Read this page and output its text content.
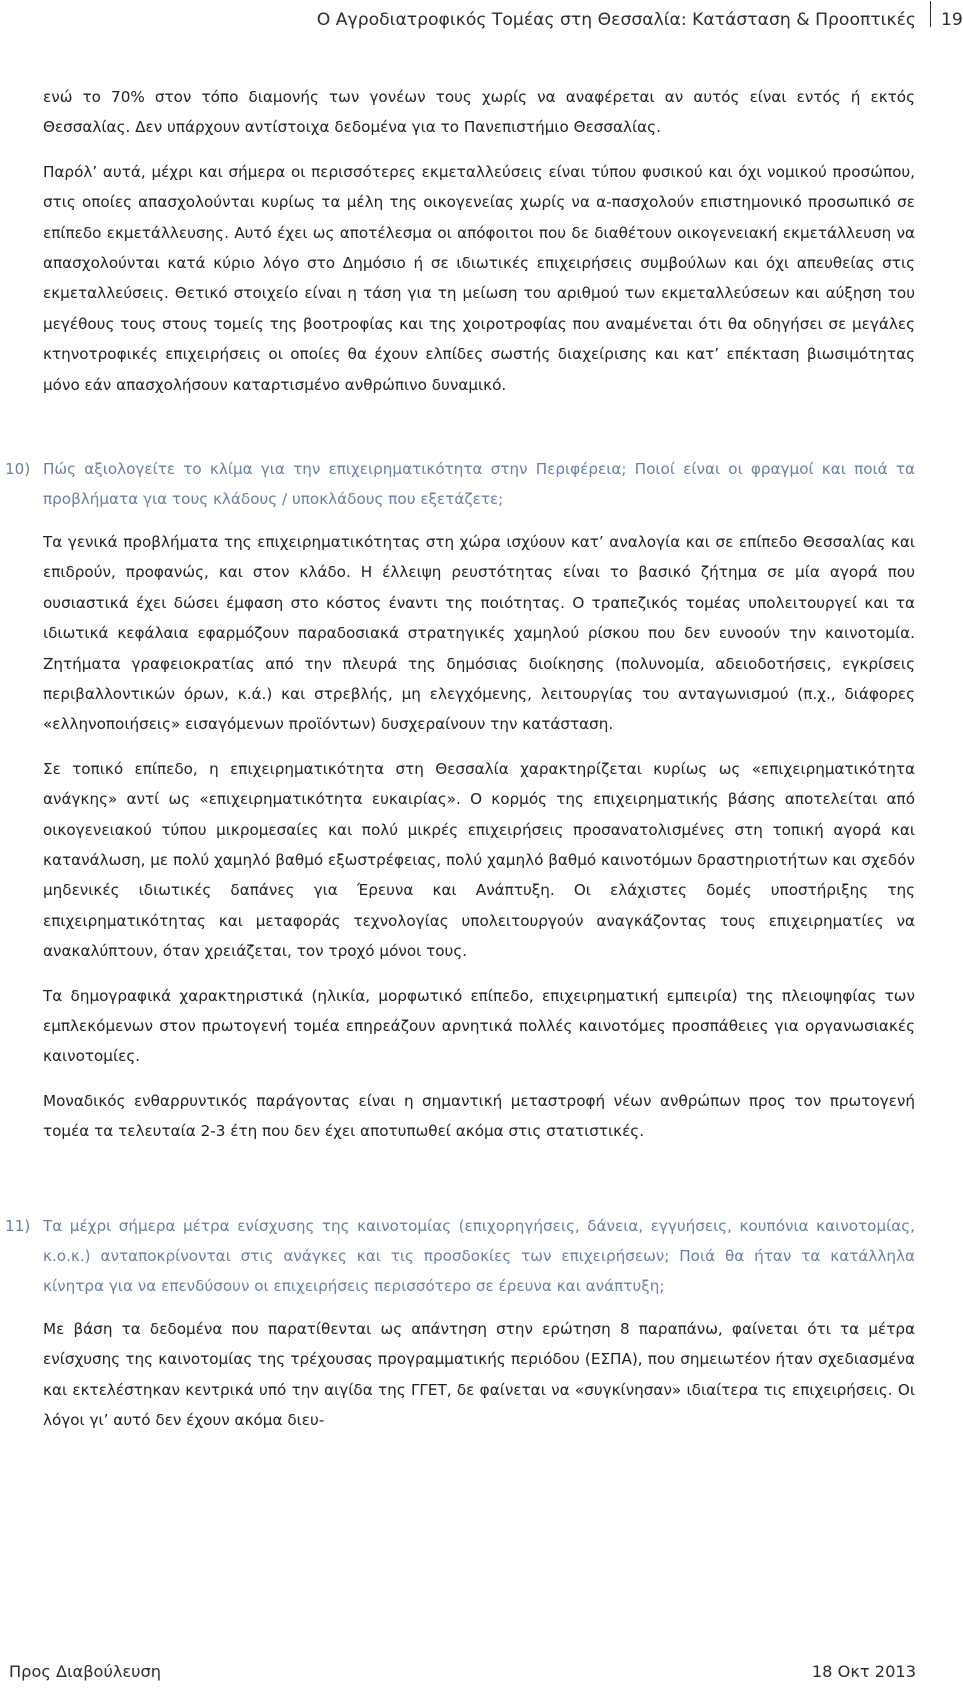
Ο Αγροδιατροφικός Τομέας στη Θεσσαλία: Κατάσταση & Προοπτικές 19

ενώ το 70% στον τόπο διαμονής των γονέων τους χωρίς να αναφέρεται αν αυτός είναι εντός ή εκτός Θεσσαλίας. Δεν υπάρχουν αντίστοιχα δεδομένα για το Πανεπιστήμιο Θεσσαλίας.

Παρόλ’ αυτά, μέχρι και σήμερα οι περισσότερες εκμεταλλεύσεις είναι τύπου φυσικού και όχι νομικού προσώπου, στις οποίες απασχολούνται κυρίως τα μέλη της οικογενείας χωρίς να α-πασχολούν επιστημονικό προσωπικό σε επίπεδο εκμετάλλευσης. Αυτό έχει ως αποτέλεσμα οι απόφοιτοι που δε διαθέτουν οικογενειακή εκμετάλλευση να απασχολούνται κατά κύριο λόγο στο Δημόσιο ή σε ιδιωτικές επιχειρήσεις συμβούλων και όχι απευθείας στις εκμεταλλεύσεις. Θετικό στοιχείο είναι η τάση για τη μείωση του αριθμού των εκμεταλλεύσεων και αύξηση του μεγέθους τους στους τομείς της βοοτροφίας και της χοιροτροφίας που αναμένεται ότι θα οδηγήσει σε μεγάλες κτηνοτροφικές επιχειρήσεις οι οποίες θα έχουν ελπίδες σωστής διαχείρισης και κατ’ επέκταση βιωσιμότητας μόνο εάν απασχολήσουν καταρτισμένο ανθρώπινο δυναμικό.

10) Πώς αξιολογείτε το κλίμα για την επιχειρηματικότητα στην Περιφέρεια; Ποιοί είναι οι φραγμοί και ποιά τα προβλήματα για τους κλάδους / υποκλάδους που εξετάζετε;

Τα γενικά προβλήματα της επιχειρηματικότητας στη χώρα ισχύουν κατ’ αναλογία και σε επίπεδο Θεσσαλίας και επιδρούν, προφανώς, και στον κλάδο. Η έλλειψη ρευστότητας είναι το βασικό ζήτημα σε μία αγορά που ουσιαστικά έχει δώσει έμφαση στο κόστος έναντι της ποιότητας. Ο τραπεζικός τομέας υπολειτουργεί και τα ιδιωτικά κεφάλαια εφαρμόζουν παραδοσιακά στρατηγικές χαμηλού ρίσκου που δεν ευνοούν την καινοτομία. Ζητήματα γραφειοκρατίας από την πλευρά της δημόσιας διοίκησης (πολυνομία, αδειοδοτήσεις, εγκρίσεις περιβαλλοντικών όρων, κ.ά.) και στρεβλής, μη ελεγχόμενης, λειτουργίας του ανταγωνισμού (π.χ., διάφορες «ελληνοποιήσεις» εισαγόμενων προϊόντων) δυσχεραίνουν την κατάσταση.

Σε τοπικό επίπεδο, η επιχειρηματικότητα στη Θεσσαλία χαρακτηρίζεται κυρίως ως «επιχειρηματικότητα ανάγκης» αντί ως «επιχειρηματικότητα ευκαιρίας». Ο κορμός της επιχειρηματικής βάσης αποτελείται από οικογενειακού τύπου μικρομεσαίες και πολύ μικρές επιχειρήσεις προσανατολισμένες στη τοπική αγορά και κατανάλωση, με πολύ χαμηλό βαθμό εξωστρέφειας, πολύ χαμηλό βαθμό καινοτόμων δραστηριοτήτων και σχεδόν μηδενικές ιδιωτικές δαπάνες για Έρευνα και Ανάπτυξη. Οι ελάχιστες δομές υποστήριξης της επιχειρηματικότητας και μεταφοράς τεχνολογίας υπολειτουργούν αναγκάζοντας τους επιχειρηματίες να ανακαλύπτουν, όταν χρειάζεται, τον τροχό μόνοι τους.

Τα δημογραφικά χαρακτηριστικά (ηλικία, μορφωτικό επίπεδο, επιχειρηματική εμπειρία) της πλειοψηφίας των εμπλεκόμενων στον πρωτογενή τομέα επηρεάζουν αρνητικά πολλές καινοτόμες προσπάθειες για οργανωσιακές καινοτομίες.

Μοναδικός ενθαρρυντικός παράγοντας είναι η σημαντική μεταστροφή νέων ανθρώπων προς τον πρωτογενή τομέα τα τελευταία 2-3 έτη που δεν έχει αποτυπωθεί ακόμα στις στατιστικές.

11) Τα μέχρι σήμερα μέτρα ενίσχυσης της καινοτομίας (επιχορηγήσεις, δάνεια, εγγυήσεις, κουπόνια καινοτομίας, κ.ο.κ.) ανταποκρίνονται στις ανάγκες και τις προσδοκίες των επιχειρήσεων; Ποιά θα ήταν τα κατάλληλα κίνητρα για να επενδύσουν οι επιχειρήσεις περισσότερο σε έρευνα και ανάπτυξη;

Με βάση τα δεδομένα που παρατίθενται ως απάντηση στην ερώτηση 8 παραπάνω, φαίνεται ότι τα μέτρα ενίσχυσης της καινοτομίας της τρέχουσας προγραμματικής περιόδου (ΕΣΠΑ), που σημειωτέον ήταν σχεδιασμένα και εκτελέστηκαν κεντρικά υπό την αιγίδα της ΓΓΕΤ, δε φαίνεται να «συγκίνησαν» ιδιαίτερα τις επιχειρήσεις. Οι λόγοι γι’ αυτό δεν έχουν ακόμα διευ-

Προς Διαβούλευση	18 Οκτ 2013
